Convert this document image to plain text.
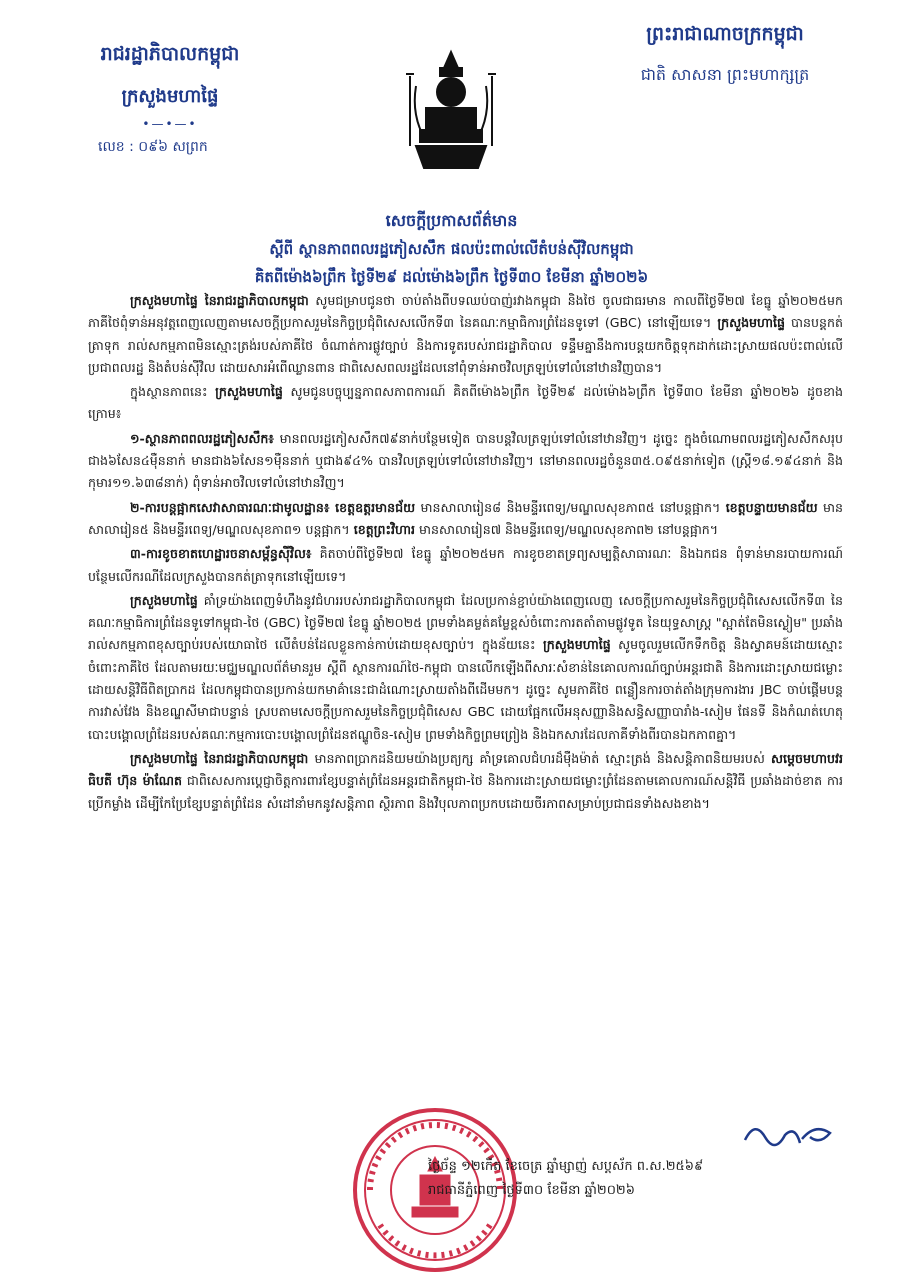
រាជរដ្ឋាភិបាលកម្ពុជា
ក្រសួងមហាផ្ទៃ
•—•—•
លេខ : ០៩៦ សព្រក
ព្រះរាជាណាចក្រកម្ពុជា
ជាតិ សាសនា ព្រះមហាក្សត្រ
សេចក្តីប្រកាសព័ត៌មាន
ស្តីពី ស្ថានភាពពលរដ្ឋភៀសសឹក ផលប៉ះពាល់លើតំបន់ស៊ីវិលកម្ពុជា
គិតពីម៉ោង៦ព្រឹក ថ្ងៃទី២៩ ដល់ម៉ោង៦ព្រឹក ថ្ងៃទី៣០ ខែមីនា ឆ្នាំ២០២៦

ក្រសួងមហាផ្ទៃ នៃរាជរដ្ឋាភិបាលកម្ពុជា សូមជម្រាបជូនថា ចាប់តាំងពីបទឈប់បាញ់រវាងកម្ពុជា និងថៃ ចូលជាធរមាន កាលពីថ្ងៃទី២៧ ខែធ្នូ ឆ្នាំ២០២៥មក ភាគីថៃពុំទាន់អនុវត្តពេញលេញតាមសេចក្តីប្រកាសរួមនៃកិច្ចប្រជុំពិសេសលើកទី៣ នៃគណៈកម្មាធិការព្រំដែនទូទៅ (GBC) នៅឡើយទេ។ ក្រសួងមហាផ្ទៃ បានបន្តកត់ត្រាទុក រាល់សកម្មភាពមិនស្មោះត្រង់របស់ភាគីថៃ ចំណាត់ការផ្លូវច្បាប់ និងការទូតរបស់រាជរដ្ឋាភិបាល ទន្ទឹមគ្នានឹងការបន្តយកចិត្តទុកដាក់ដោះស្រាយផលប៉ះពាល់លើប្រជាពលរដ្ឋ និងតំបន់ស៊ីវិល ដោយសារអំពើឈ្លានពាន ជាពិសេសពលរដ្ឋដែលនៅពុំទាន់អាចវិលត្រឡប់ទៅលំនៅឋានវិញបាន។

ក្នុងស្ថានភាពនេះ ក្រសួងមហាផ្ទៃ សូមជូនបច្ចុប្បន្នភាពសភាពការណ៍ គិតពីម៉ោង៦ព្រឹក ថ្ងៃទី២៩ ដល់ម៉ោង៦ព្រឹក ថ្ងៃទី៣០ ខែមីនា ឆ្នាំ២០២៦ ដូចខាងក្រោម៖

១-ស្ថានភាពពលរដ្ឋភៀសសឹក៖ មានពលរដ្ឋភៀសសឹក៧៩នាក់បន្ថែមទៀត បានបន្តវិលត្រឡប់ទៅលំនៅឋានវិញ។ ដូច្នេះ ក្នុងចំណោមពលរដ្ឋភៀសសឹកសរុបជាង៦សែន៤ម៉ឺននាក់ មានជាង៦សែន១ម៉ឺននាក់ ឬជាង៩៤% បានវិលត្រឡប់ទៅលំនៅឋានវិញ។ នៅមានពលរដ្ឋចំនួន៣៥.០៩៥នាក់ទៀត (ស្ត្រី១៨.១៩៤នាក់ និងកុមារ១១.៦៣៨នាក់) ពុំទាន់អាចវិលទៅលំនៅឋានវិញ។

២-ការបន្តផ្អាកសេវាសាធារណៈជាមូលដ្ឋាន៖ ខេត្តឧត្តរមានជ័យ មានសាលារៀន៨ និងមន្ទីរពេទ្យ/មណ្ឌលសុខភាព៥ នៅបន្តផ្អាក។ ខេត្តបន្ទាយមានជ័យ មានសាលារៀន៥ និងមន្ទីរពេទ្យ/មណ្ឌលសុខភាព១ បន្តផ្អាក។ ខេត្តព្រះវិហារ មានសាលារៀន៧ និងមន្ទីរពេទ្យ/មណ្ឌលសុខភាព២ នៅបន្តផ្អាក។

៣-ការខូចខាតហេដ្ឋារចនាសម្ព័ន្ធស៊ីវិល៖ គិតចាប់ពីថ្ងៃទី២៧ ខែធ្នូ ឆ្នាំ២០២៥មក ការខូចខាតទ្រព្យសម្បត្តិសាធារណៈ និងឯកជន ពុំទាន់មានរបាយការណ៍បន្ថែមលើករណីដែលក្រសួងបានកត់ត្រាទុកនៅឡើយទេ។

ក្រសួងមហាផ្ទៃ គាំទ្រយ៉ាងពេញទំហឹងនូវជំហររបស់រាជរដ្ឋាភិបាលកម្ពុជា ដែលប្រកាន់ខ្ជាប់យ៉ាងពេញលេញ សេចក្តីប្រកាសរួមនៃកិច្ចប្រជុំពិសេសលើកទី៣ នៃគណៈកម្មាធិការព្រំដែនទូទៅកម្ពុជា-ថៃ (GBC) ថ្ងៃទី២៧ ខែធ្នូ ឆ្នាំ២០២៥ ព្រមទាំងគម្លត់គម្លែខ្ពស់ចំពោះការតតាំតាមផ្លូវទូត នៃយុទ្ធសាស្ត្រ "ស្អាត់តែមិនស្ងៀម" ប្រឆាំងរាល់សកម្មភាពខុសច្បាប់របស់យោធាថៃ លើតំបន់ដែលខ្លួនកាន់កាប់ដោយខុសច្បាប់។ ក្នុងន័យនេះ ក្រសួងមហាផ្ទៃ សូមចូលរួមលើកទឹកចិត្ត និងស្វាគមន៍ដោយស្មោះ ចំពោះភាគីថៃ ដែលតាមរយៈមជ្ឈមណ្ឌលព័ត៌មានរួម ស្តីពី ស្ថានការណ៍ថៃ-កម្ពុជា បានលើកឡើងពីសារៈសំខាន់នៃគោលការណ៍ច្បាប់អន្តរជាតិ និងការដោះស្រាយជម្លោះដោយសន្តិវិធីពិតប្រាកដ ដែលកម្ពុជាបានប្រកាន់យកមាគ៌ានេះជាដំណោះស្រាយតាំងពីដើមមក។ ដូច្នេះ សូមភាគីថៃ ពន្លឿនការចាត់តាំងក្រុមការងារ JBC ចាប់ផ្តើមបន្តការវាស់វែង និងខណ្ឌសីមាជាបន្ទាន់ ស្របតាមសេចក្តីប្រកាសរួមនៃកិច្ចប្រជុំពិសេស GBC ដោយផ្អែកលើអនុសញ្ញានិងសន្ធិសញ្ញាបារាំង-សៀម ផែនទី និងកំណត់ហេតុបោះបង្គោលព្រំដែនរបស់គណៈកម្មការបោះបង្គោលព្រំដែនឥណ្ឌូចិន-សៀម ព្រមទាំងកិច្ចព្រមព្រៀង និងឯកសារដែលភាគីទាំងពីរបានឯកភាពគ្នា។

ក្រសួងមហាផ្ទៃ នៃរាជរដ្ឋាភិបាលកម្ពុជា មានភាពប្រាកដនិយមយ៉ាងប្រត្យក្ស គាំទ្រគោលជំហរដ៏ម៉ឺងម៉ាត់ ស្មោះត្រង់ និងសន្តិភាពនិយមរបស់ សម្តេចមហាបវរធិបតី ហ៊ុន ម៉ាណែត ជាពិសេសការប្តេជ្ញាចិត្តការពារខ្សែបន្ទាត់ព្រំដែនអន្តរជាតិកម្ពុជា-ថៃ និងការដោះស្រាយជម្លោះព្រំដែនតាមគោលការណ៍សន្តិវិធី ប្រឆាំងដាច់ខាត ការប្រើកម្លាំង ដើម្បីកែប្រែខ្សែបន្ទាត់ព្រំដែន សំដៅនាំមកនូវសន្តិភាព ស្ថិរភាព និងវិបុលភាពប្រកបដោយចីរភាពសម្រាប់ប្រជាជនទាំងសងខាង។

ថ្ងៃច័ន្ទ ១២កើត ខែចេត្រ ឆ្នាំម្សាញ់ សប្តស័ក ព.ស.២៥៦៩
រាជធានីភ្នំពេញ ថ្ងៃទី៣០ ខែមីនា ឆ្នាំ២០២៦
